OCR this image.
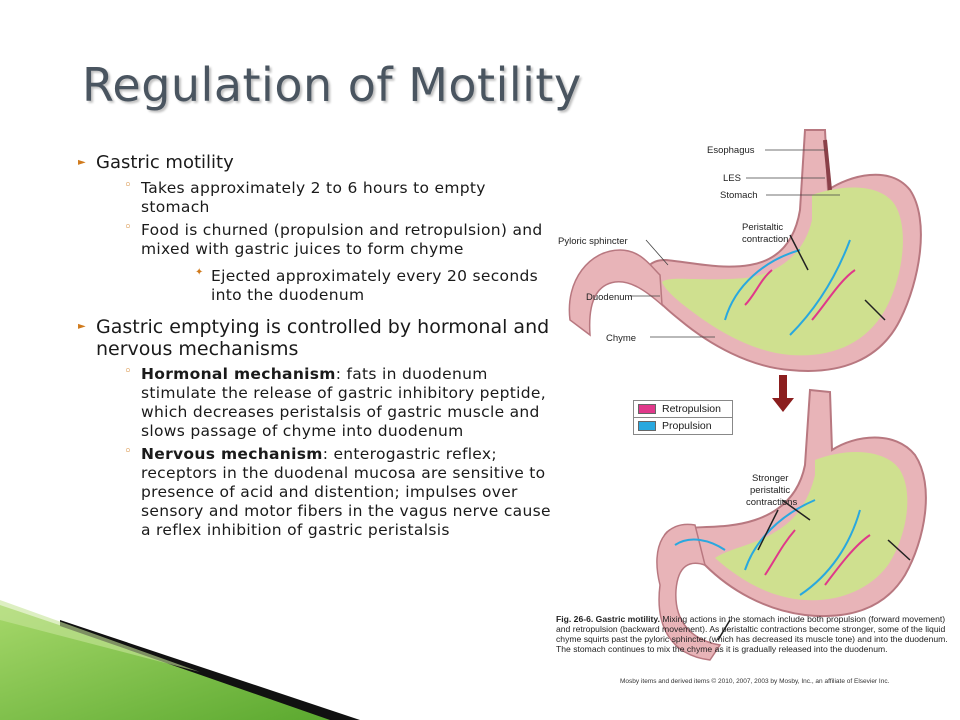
Regulation of Motility
► Gastric motility
◦ Takes approximately 2 to 6 hours to empty stomach
◦ Food is churned (propulsion and retropulsion) and mixed with gastric juices to form chyme
✦ Ejected approximately every 20 seconds into the duodenum
► Gastric emptying is controlled by hormonal and nervous mechanisms
◦ Hormonal mechanism: fats in duodenum stimulate the release of gastric inhibitory peptide, which decreases peristalsis of gastric muscle and slows passage of chyme into duodenum
◦ Nervous mechanism: enterogastric reflex; receptors in the duodenal mucosa are sensitive to presence of acid and distention; impulses over sensory and motor fibers in the vagus nerve cause a reflex inhibition of gastric peristalsis
Esophagus
LES
Stomach
Peristaltic
contraction
Pyloric sphincter
Duodenum
Chyme
Stronger
peristaltic
contractions
Retropulsion
Propulsion
Fig. 26-6. Gastric motility. Mixing actions in the stomach include both propulsion (forward movement) and retropulsion (backward movement). As peristaltic contractions become stronger, some of the liquid chyme squirts past the pyloric sphincter (which has decreased its muscle tone) and into the duodenum. The stomach continues to mix the chyme as it is gradually released into the duodenum.
Mosby items and derived items © 2010, 2007, 2003 by Mosby, Inc., an affiliate of Elsevier Inc.
